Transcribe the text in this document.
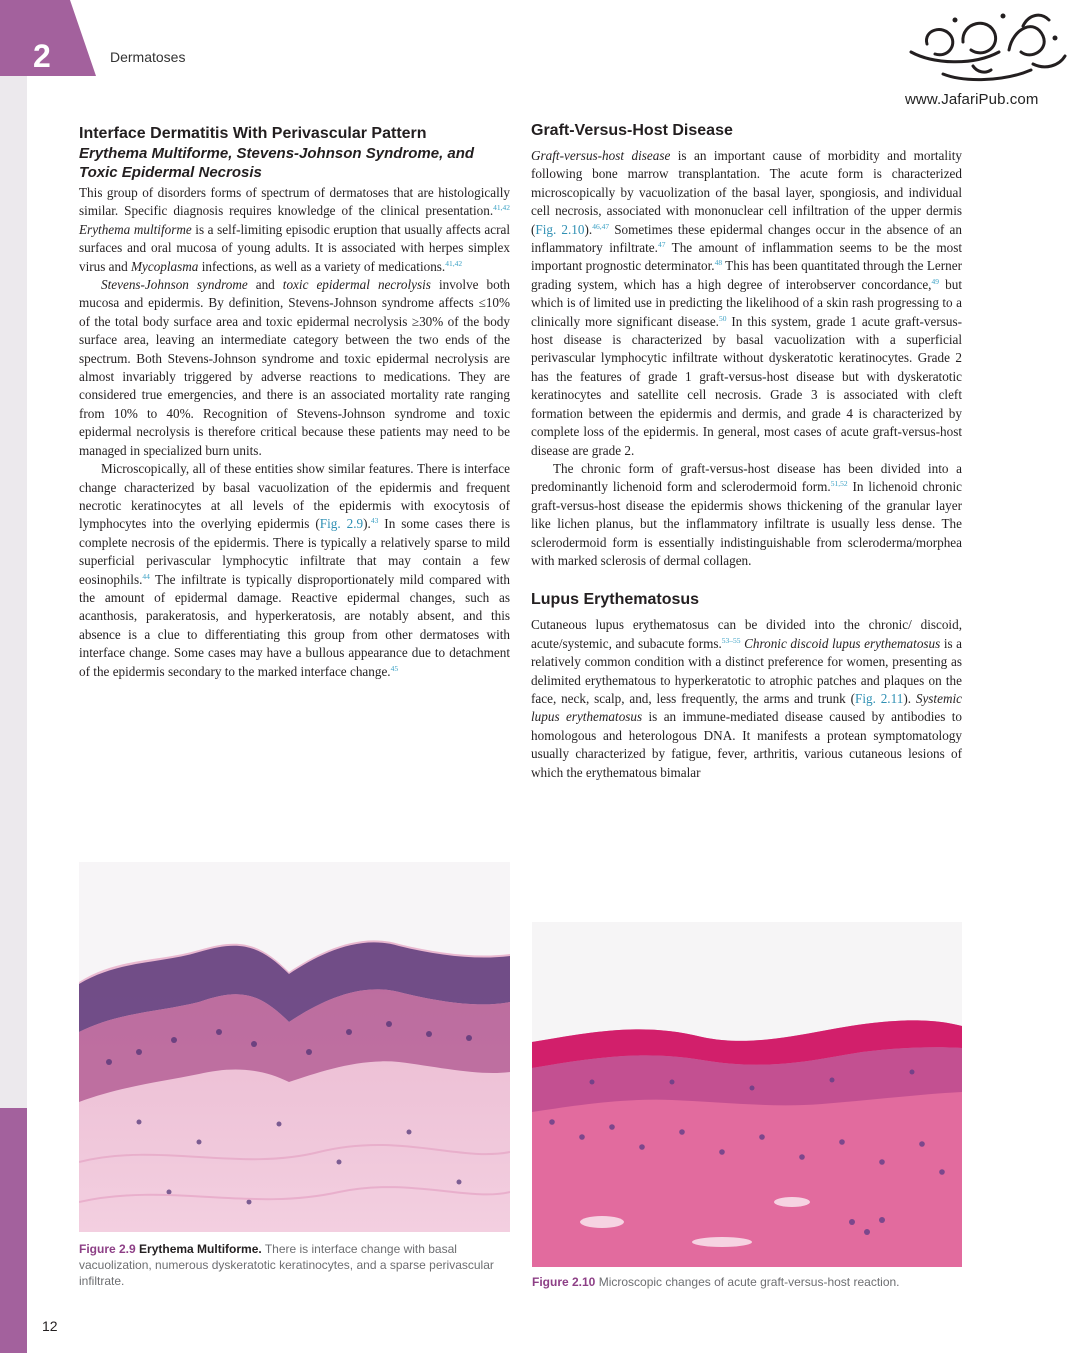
2	Dermatoses
www.JafariPub.com
Interface Dermatitis With Perivascular Pattern
Erythema Multiforme, Stevens-Johnson Syndrome, and Toxic Epidermal Necrosis

This group of disorders forms of spectrum of dermatoses that are histologically similar. Specific diagnosis requires knowledge of the clinical presentation.$^{41,42}$ Erythema multiforme is a self-limiting episodic eruption that usually affects acral surfaces and oral mucosa of young adults. It is associated with herpes simplex virus and Mycoplasma infections, as well as a variety of medications.$^{41,42}$

Stevens-Johnson syndrome and toxic epidermal necrolysis involve both mucosa and epidermis. By definition, Stevens-Johnson syndrome affects ≤10% of the total body surface area and toxic epidermal necrolysis ≥30% of the body surface area, leaving an intermediate category between the two ends of the spectrum. Both Stevens-Johnson syndrome and toxic epidermal necrolysis are almost invariably triggered by adverse reactions to medications. They are considered true emergencies, and there is an associated mortality rate ranging from 10% to 40%. Recognition of Stevens-Johnson syndrome and toxic epidermal necrolysis is therefore critical because these patients may need to be managed in specialized burn units.

Microscopically, all of these entities show similar features. There is interface change characterized by basal vacuolization of the epidermis and frequent necrotic keratinocytes at all levels of the epidermis with exocytosis of lymphocytes into the overlying epidermis (Fig. 2.9).$^{43}$ In some cases there is complete necrosis of the epidermis. There is typically a relatively sparse to mild superficial perivascular lymphocytic infiltrate that may contain a few eosinophils.$^{44}$ The infiltrate is typically disproportionately mild compared with the amount of epidermal damage. Reactive epidermal changes, such as acanthosis, parakeratosis, and hyperkeratosis, are notably absent, and this absence is a clue to differentiating this group from other dermatoses with interface change. Some cases may have a bullous appearance due to detachment of the epidermis secondary to the marked interface change.$^{45}$

Graft-Versus-Host Disease

Graft-versus-host disease is an important cause of morbidity and mortality following bone marrow transplantation. The acute form is characterized microscopically by vacuolization of the basal layer, spongiosis, and individual cell necrosis, associated with mononuclear cell infiltration of the upper dermis (Fig. 2.10).$^{46,47}$ Sometimes these epidermal changes occur in the absence of an inflammatory infiltrate.$^{47}$ The amount of inflammation seems to be the most important prognostic determinator.$^{48}$ This has been quantitated through the Lerner grading system, which has a high degree of interobserver concordance,$^{49}$ but which is of limited use in predicting the likelihood of a skin rash progressing to a clinically more significant disease.$^{50}$ In this system, grade 1 acute graft-versus-host disease is characterized by basal vacuolization with a superficial perivascular lymphocytic infiltrate without dyskeratotic keratinocytes. Grade 2 has the features of grade 1 graft-versus-host disease but with dyskeratotic keratinocytes and satellite cell necrosis. Grade 3 is associated with cleft formation between the epidermis and dermis, and grade 4 is characterized by complete loss of the epidermis. In general, most cases of acute graft-versus-host disease are grade 2.

The chronic form of graft-versus-host disease has been divided into a predominantly lichenoid form and sclerodermoid form.$^{51,52}$ In lichenoid chronic graft-versus-host disease the epidermis shows thickening of the granular layer like lichen planus, but the inflammatory infiltrate is usually less dense. The sclerodermoid form is essentially indistinguishable from scleroderma/morphea with marked sclerosis of dermal collagen.

Lupus Erythematosus

Cutaneous lupus erythematosus can be divided into the chronic/ discoid, acute/systemic, and subacute forms.$^{53-55}$ Chronic discoid lupus erythematosus is a relatively common condition with a distinct preference for women, presenting as delimited erythematous to hyperkeratotic to atrophic patches and plaques on the face, neck, scalp, and, less frequently, the arms and trunk (Fig. 2.11). Systemic lupus erythematosus is an immune-mediated disease caused by antibodies to homologous and heterologous DNA. It manifests a protean symptomatology usually characterized by fatigue, fever, arthritis, various cutaneous lesions of which the erythematous bimalar

Figure 2.9 Erythema Multiforme. There is interface change with basal vacuolization, numerous dyskeratotic keratinocytes, and a sparse perivascular infiltrate.	Figure 2.10 Microscopic changes of acute graft-versus-host reaction.
12
